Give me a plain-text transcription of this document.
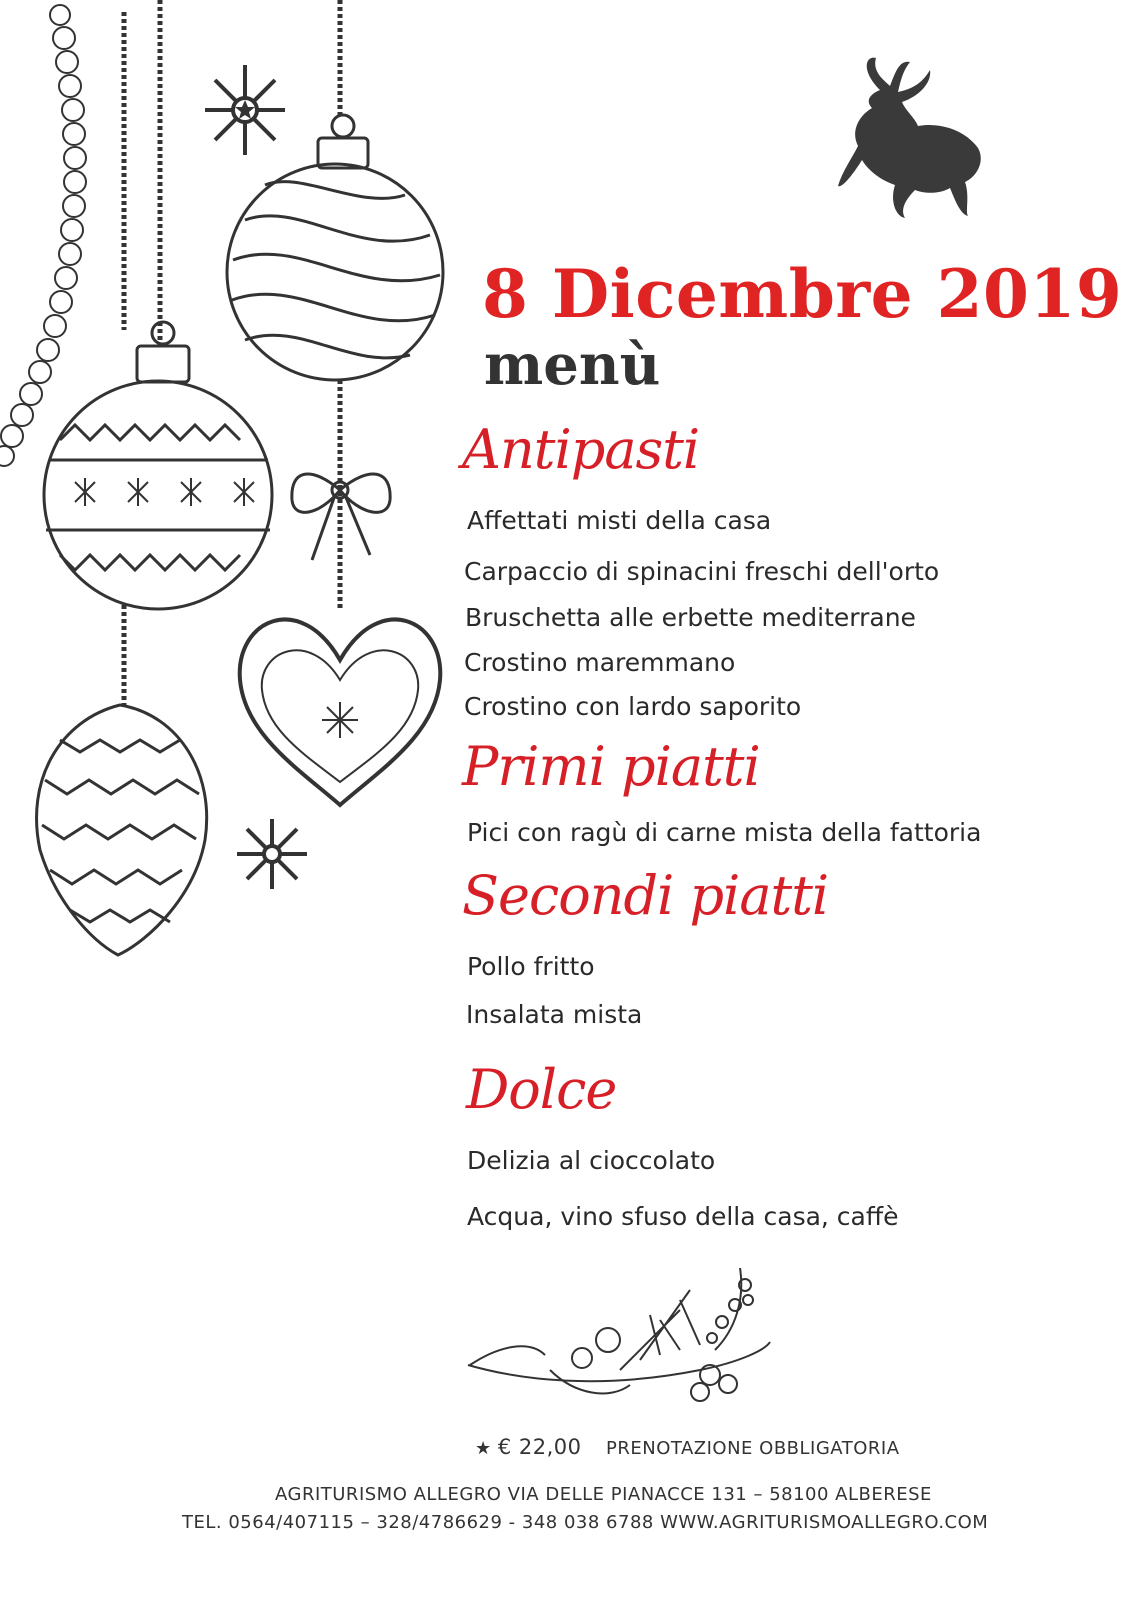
8 Dicembre 2019
menù
Antipasti
Affettati misti della casa
Carpaccio di spinacini freschi dell'orto
Bruschetta alle erbette mediterrane
Crostino maremmano
Crostino con lardo saporito
Primi piatti
Pici con ragù di carne mista della fattoria
Secondi piatti
Pollo fritto
Insalata mista
Dolce
Delizia al cioccolato
Acqua, vino sfuso della casa, caffè
★ € 22,00 PRENOTAZIONE OBBLIGATORIA
AGRITURISMO ALLEGRO VIA DELLE PIANACCE 131 – 58100 ALBERESE
TEL. 0564/407115 – 328/4786629 - 348 038 6788 WWW.AGRITURISMOALLEGRO.COM
